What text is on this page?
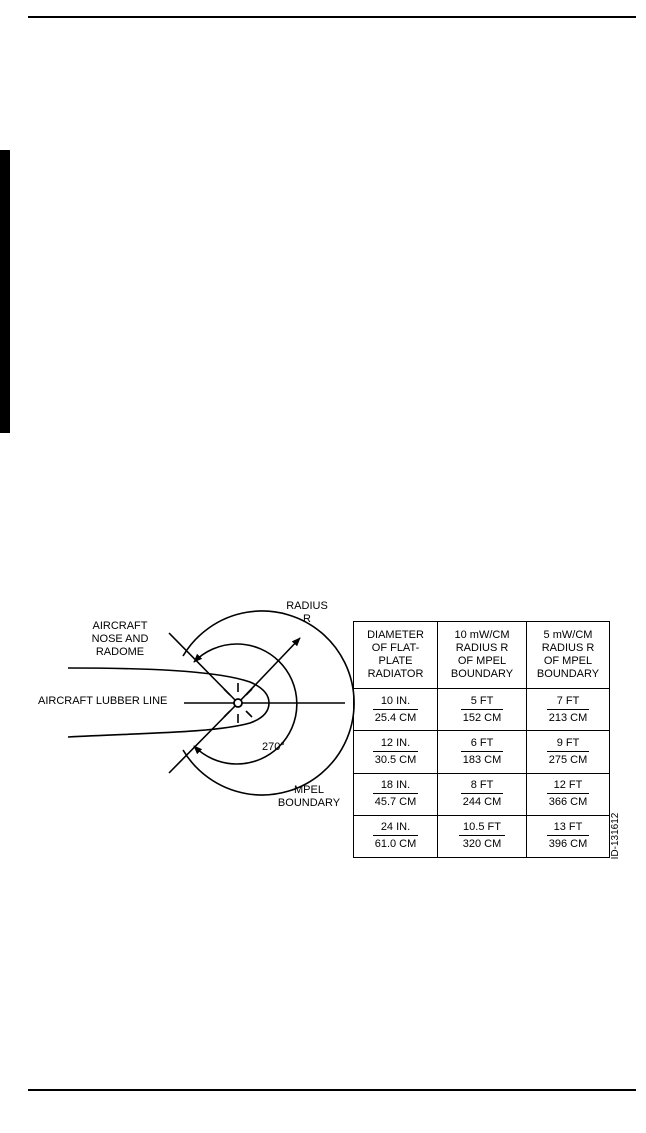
AIRCRAFT
NOSE AND
RADOME
AIRCRAFT LUBBER LINE
RADIUS
R
270°
MPEL
BOUNDARY
ID-131612
DIAMETER
OF FLAT-
PLATE
RADIATOR	10 mW/CM
RADIUS R
OF MPEL
BOUNDARY	5 mW/CM
RADIUS R
OF MPEL
BOUNDARY

$\frac{10 IN.}{25.4 CM}$	$\frac{5 FT}{152 CM}$	$\frac{7 FT}{213 CM}$

$\frac{12 IN.}{30.5 CM}$	$\frac{6 FT}{183 CM}$	$\frac{9 FT}{275 CM}$

$\frac{18 IN.}{45.7 CM}$	$\frac{8 FT}{244 CM}$	$\frac{12 FT}{366 CM}$

$\frac{24 IN.}{61.0 CM}$	$\frac{10.5 FT}{320 CM}$	$\frac{13 FT}{396 CM}$
